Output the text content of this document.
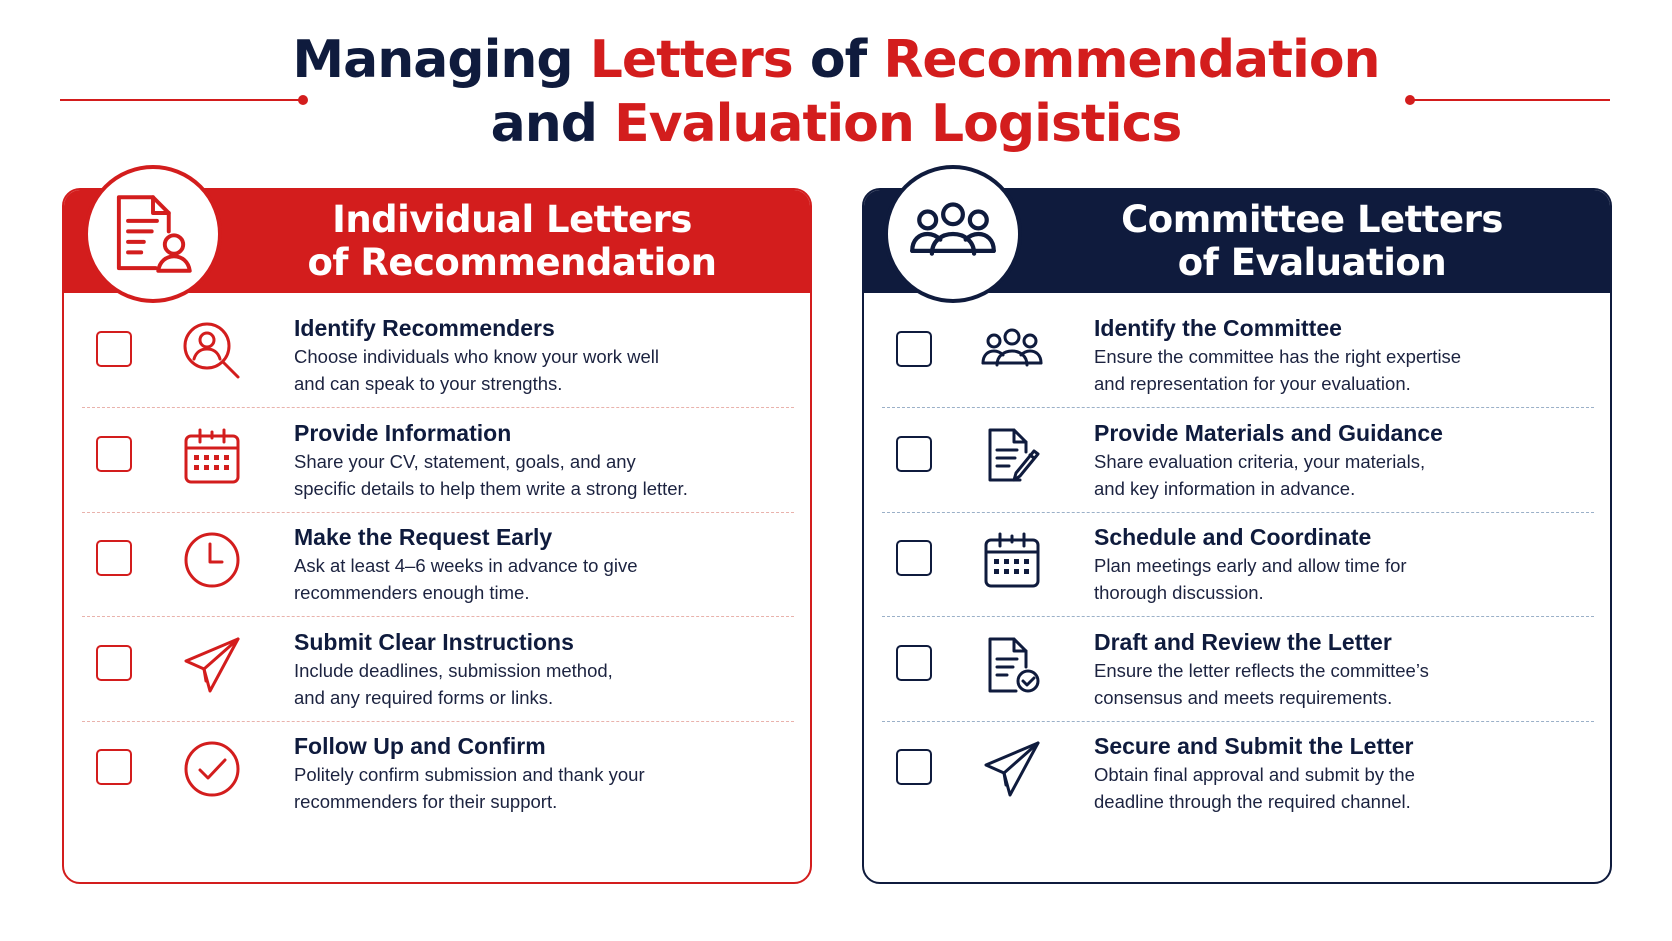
Managing Letters of Recommendation
and Evaluation Logistics
Individual Letters
of Recommendation
Identify Recommenders
Choose individuals who know your work well
and can speak to your strengths.
Provide Information
Share your CV, statement, goals, and any
specific details to help them write a strong letter.
Make the Request Early
Ask at least 4–6 weeks in advance to give
recommenders enough time.
Submit Clear Instructions
Include deadlines, submission method,
and any required forms or links.
Follow Up and Confirm
Politely confirm submission and thank your
recommenders for their support.
Committee Letters
of Evaluation
Identify the Committee
Ensure the committee has the right expertise
and representation for your evaluation.
Provide Materials and Guidance
Share evaluation criteria, your materials,
and key information in advance.
Schedule and Coordinate
Plan meetings early and allow time for
thorough discussion.
Draft and Review the Letter
Ensure the letter reflects the committee’s
consensus and meets requirements.
Secure and Submit the Letter
Obtain final approval and submit by the
deadline through the required channel.
